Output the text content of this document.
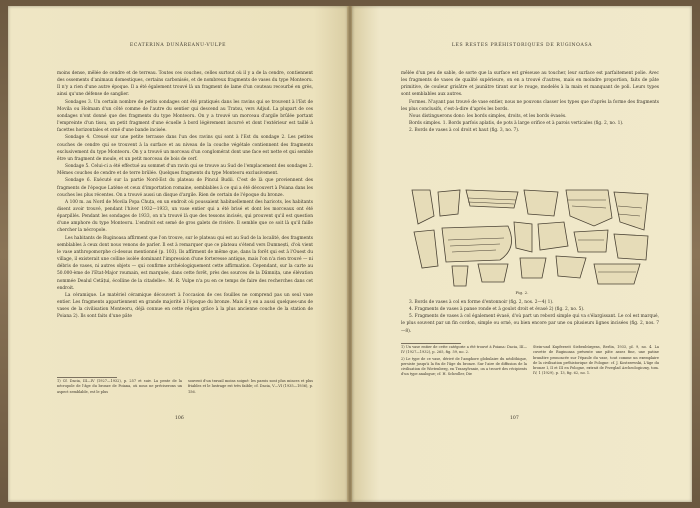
ECATERINA DUNĂREANU-VULPE

moins dense, mêlée de cendre et de terreau. Toutes ces couches, celles surtout où il y a de la cendre, contiennent des ossements d'animaux domestiques, certains carbonisés, et de nombreux fragments de vases du type Monteoru. Il n'y a rien d'une autre époque. Il a été également trouvé là un fragment de lame d'un couteau recourbé en grès, ainsi qu'une défense de sanglier.

Sondages 3. Un certain nombre de petits sondages ont été pratiqués dans les ravins qui se trouvent à l'Est de Movila ou Holmam d'un côté comme de l'autre du sentier qui descend au Tratsu, vers Adjud. La plupart de ces sondages n'ont donné que des fragments du type Monteoru. On y a trouvé un morceau d'argile brûlée portant l'empreinte d'un tissu, un petit fragment d'une écuelle à bord légèrement incurvé et dont l'extérieur est taillé à facettes horizontales et orné d'une bande incisée.

Sondage 4. Creusé sur une petite terrasse dans l'un des ravins qui sont à l'Est du sondage 2. Les petites couches de cendre qui se trouvent à la surface et au niveau de la couche végétale contiennent des fragments exclusivement du type Monteoru. On y a trouvé un morceau d'un conglomérat dont une face est nette et qui semble être un fragment de moule, et un petit morceau de bois de cerf.

Sondage 5. Celui-ci a été effectué au sommet d'un ravin qui se trouve au Sud de l'emplacement des sondages 2. Mêmes couches de cendre et de terre brûlée. Quelques fragments du type Monteoru exclusivement.

Sondage 6. Exécuté sur la partie Nord-Est du plateau de Pincul Budii. C'est de là que proviennent des fragments de l'époque Latène et ceux d'importation romaine, semblables à ce qui a été découvert à Poiana dans les couches les plus récentes. On a trouvé aussi un disque d'argile. Rien de certain de l'époque du bronze.

A 100 m. au Nord de Movila Popa Chuța, en un endroit où poussaient habituellement des haricots, les habitants disent avoir trouvé, pendant l'hiver 1932—1933, un vase entier qui a été brisé et dont les morceaux ont été éparpillés. Pendant les sondages de 1933, on n'a trouvé là que des tessons incisés, qui prouvent qu'il est question d'une amphore du type Monteoru. L'endroit est semé de gros galets de rivière. Il semble que ce soit là qu'il faille chercher la nécropole.

Les habitants de Ruginoasa affirment que l'on trouve, sur le plateau qui est au Sud de la localité, des fragments semblables à ceux dont nous venons de parler. Il est à remarquer que ce plateau s'étend vers Dumnești, d'où vient le vase anthropomorphe ci-dessus mentionné (p. 103). Ils affirment de même que, dans la forêt qui est à l'Ouest du village, il existerait une colline isolée dominant l'impression d'une forteresse antique, mais l'on n'a rien trouvé — ni débris de vases, ni autres objets — qui confirme archéologiquement cette affirmation. Cependant, sur la carte au 50.000-ème de l'Etat-Major roumain, est marquée, dans cette forêt, près des sources de la Dămnița, une élévation nommée Dealul Cetățui, écolline de la citadelle». M. R. Vulpe n'a pu en ce temps de faire des recherches dans cet endroit.

La céramique. Le matériel céramique découvert à l'occasion de ces fouilles ne comprend pas un seul vase entier. Les fragments appartiennent en grande majorité à l'époque du bronze. Mais il y en a aussi quelques-uns de vases de la civilisation Monteoru, déjà connue en cette région grâce à la plus ancienne couche de la station de Poiana 2). Ils sont faits d'une pâte

1) Cf. Dacia, III—IV (1927—1932), p. 257 et suiv. La pente de la nécropole de l'âge du bronze de Poiana, où nous ne préciserons un aspect semblable, est le plus

souvent d'un travail moins soigné: les parois sont plus minces et plus friables et le lustrage est très faible; cf. Dacia, V—VI (1935—1936), p. 156.

106
LES RESTES PRÉHISTORIQUES DE RUGINOASA

mêlée d'un peu de sable, de sorte que la surface est gréseuse au toucher, leur surface est parfaitement polie. Avec les fragments de vases de qualité supérieure, on en a trouvé d'autres, mais en moindre proportion, faits de pâte primitive, de couleur grisâtre et jaunâtre tirant sur le rouge, modelés à la main et manquant de poli. Leurs types sont semblables aux autres.

Formes. N'ayant pas trouvé de vase entier, nous ne pouvons classer les types que d'après la forme des fragments les plus conclusifs, c'est-à-dire d'après les bords.

Nous distinguerons donc: les bords simples, droits, et les bords évasés.

Bords simples. 1. Bords parfois aplatis, de pots à large orifice et à parois verticales (fig. 2, no. 1).

2. Bords de vases à col droit et haut (fig. 3, no. 7).

Fig. 2.

3. Bords de vases à col en forme d'entonnoir (fig. 2, nos. 2—4) 1).

4. Fragments de vases à panse ronde et à goulot droit et évasé 2) (fig. 2, no. 5).

5. Fragments de vases à col également évasé, d'où part un rebord simple qui va s'élargissant. Le col est marqué, le plus souvent par un fin cordon, simple ou orné, ou bien encore par une ou plusieurs lignes incisées (fig. 2, nos. 7—8).

1) Un vase entier de cette catégorie a été trouvé à Poiana: Dacia, III—IV (1927—1932), p. 265, fig. 59, no. 2.

2) Le type de ce vase, dérivé de l'amphore globulaire du néolithique, persiste jusqu'à la fin de l'âge du bronze. Sur l'aire de diffusion de la civilisation de Wietenberg, en Transylvanie, on a trouvé des récipients d'un type analogue; cf. H. Schroller, Die

Stein-und Kupferzeit Siebenbürgens, Berlin, 1933, pl. 9, no. 4. La cuvette de Ruginoasa présente une pâte assez fine, une patine brunâtre prononcée sur l'épaule du vase, tout comme un exemplaire de la civilisation préhistorique de Pologne: cf. J. Kostrzewski, L'âge du bronze I, II et III en Pologne, extrait de Przeglad Archeologiczny, tom. IV, 1 (1929), p. 13, fig. 62, no. 1.

107
